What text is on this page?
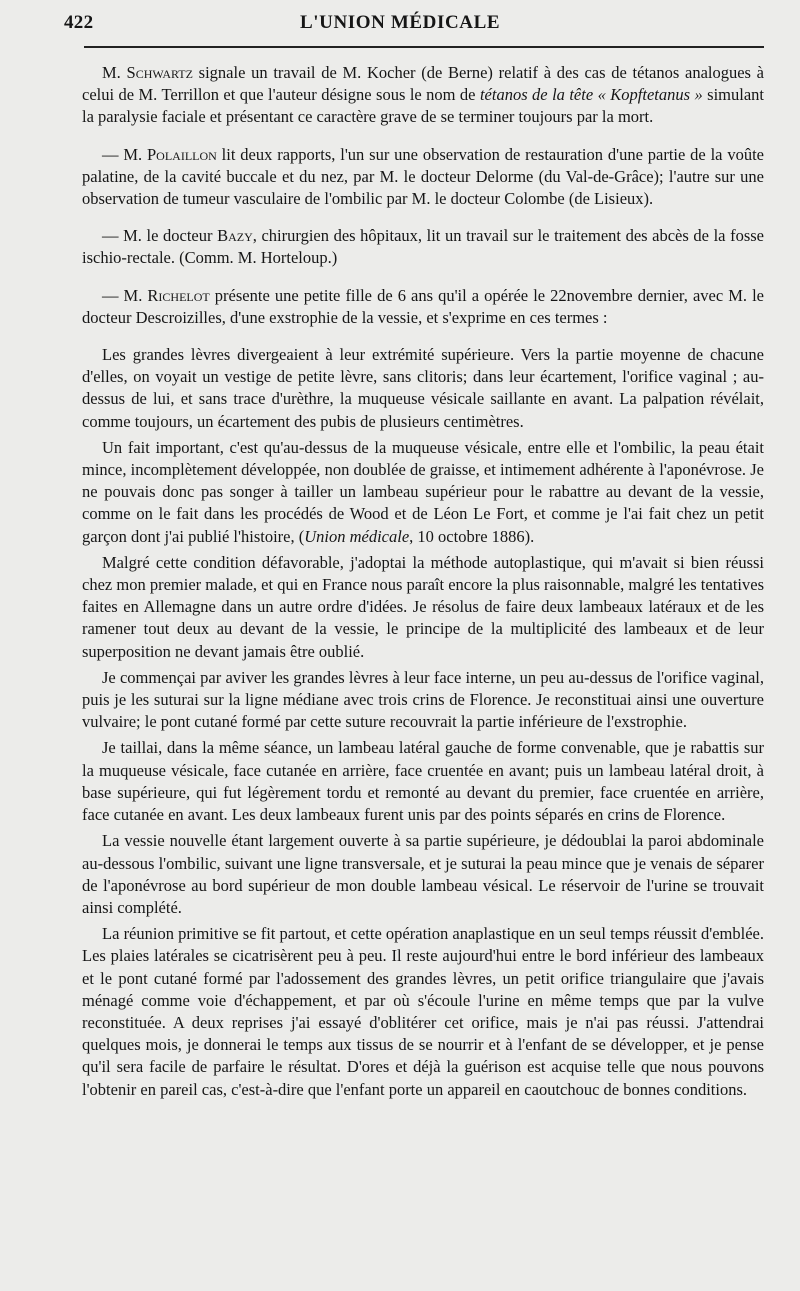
422	L'UNION MÉDICALE

M. Schwartz signale un travail de M. Kocher (de Berne) relatif à des cas de tétanos analogues à celui de M. Terrillon et que l'auteur désigne sous le nom de tétanos de la tête « Kopftetanus » simulant la paralysie faciale et présentant ce caractère grave de se terminer toujours par la mort.

— M. Polaillon lit deux rapports, l'un sur une observation de restauration d'une partie de la voûte palatine, de la cavité buccale et du nez, par M. le docteur Delorme (du Val-de-Grâce); l'autre sur une observation de tumeur vasculaire de l'ombilic par M. le docteur Colombe (de Lisieux).

— M. le docteur Bazy, chirurgien des hôpitaux, lit un travail sur le traitement des abcès de la fosse ischio-rectale. (Comm. M. Horteloup.)

— M. Richelot présente une petite fille de 6 ans qu'il a opérée le 22novembre dernier, avec M. le docteur Descroizilles, d'une exstrophie de la vessie, et s'exprime en ces termes :

Les grandes lèvres divergeaient à leur extrémité supérieure. Vers la partie moyenne de chacune d'elles, on voyait un vestige de petite lèvre, sans clitoris; dans leur écartement, l'orifice vaginal ; au-dessus de lui, et sans trace d'urèthre, la muqueuse vésicale saillante en avant. La palpation révélait, comme toujours, un écartement des pubis de plusieurs centimètres.

Un fait important, c'est qu'au-dessus de la muqueuse vésicale, entre elle et l'ombilic, la peau était mince, incomplètement développée, non doublée de graisse, et intimement adhérente à l'aponévrose. Je ne pouvais donc pas songer à tailler un lambeau supérieur pour le rabattre au devant de la vessie, comme on le fait dans les procédés de Wood et de Léon Le Fort, et comme je l'ai fait chez un petit garçon dont j'ai publié l'histoire, (Union médicale, 10 octobre 1886).

Malgré cette condition défavorable, j'adoptai la méthode autoplastique, qui m'avait si bien réussi chez mon premier malade, et qui en France nous paraît encore la plus raisonnable, malgré les tentatives faites en Allemagne dans un autre ordre d'idées. Je résolus de faire deux lambeaux latéraux et de les ramener tout deux au devant de la vessie, le principe de la multiplicité des lambeaux et de leur superposition ne devant jamais être oublié.

Je commençai par aviver les grandes lèvres à leur face interne, un peu au-dessus de l'orifice vaginal, puis je les suturai sur la ligne médiane avec trois crins de Florence. Je reconstituai ainsi une ouverture vulvaire; le pont cutané formé par cette suture recouvrait la partie inférieure de l'exstrophie.

Je taillai, dans la même séance, un lambeau latéral gauche de forme convenable, que je rabattis sur la muqueuse vésicale, face cutanée en arrière, face cruentée en avant; puis un lambeau latéral droit, à base supérieure, qui fut légèrement tordu et remonté au devant du premier, face cruentée en arrière, face cutanée en avant. Les deux lambeaux furent unis par des points séparés en crins de Florence.

La vessie nouvelle étant largement ouverte à sa partie supérieure, je dédoublai la paroi abdominale au-dessous l'ombilic, suivant une ligne transversale, et je suturai la peau mince que je venais de séparer de l'aponévrose au bord supérieur de mon double lambeau vésical. Le réservoir de l'urine se trouvait ainsi complété.

La réunion primitive se fit partout, et cette opération anaplastique en un seul temps réussit d'emblée. Les plaies latérales se cicatrisèrent peu à peu. Il reste aujourd'hui entre le bord inférieur des lambeaux et le pont cutané formé par l'adossement des grandes lèvres, un petit orifice triangulaire que j'avais ménagé comme voie d'échappement, et par où s'écoule l'urine en même temps que par la vulve reconstituée. A deux reprises j'ai essayé d'oblitérer cet orifice, mais je n'ai pas réussi. J'attendrai quelques mois, je donnerai le temps aux tissus de se nourrir et à l'enfant de se développer, et je pense qu'il sera facile de parfaire le résultat. D'ores et déjà la guérison est acquise telle que nous pouvons l'obtenir en pareil cas, c'est-à-dire que l'enfant porte un appareil en caoutchouc de bonnes conditions.
